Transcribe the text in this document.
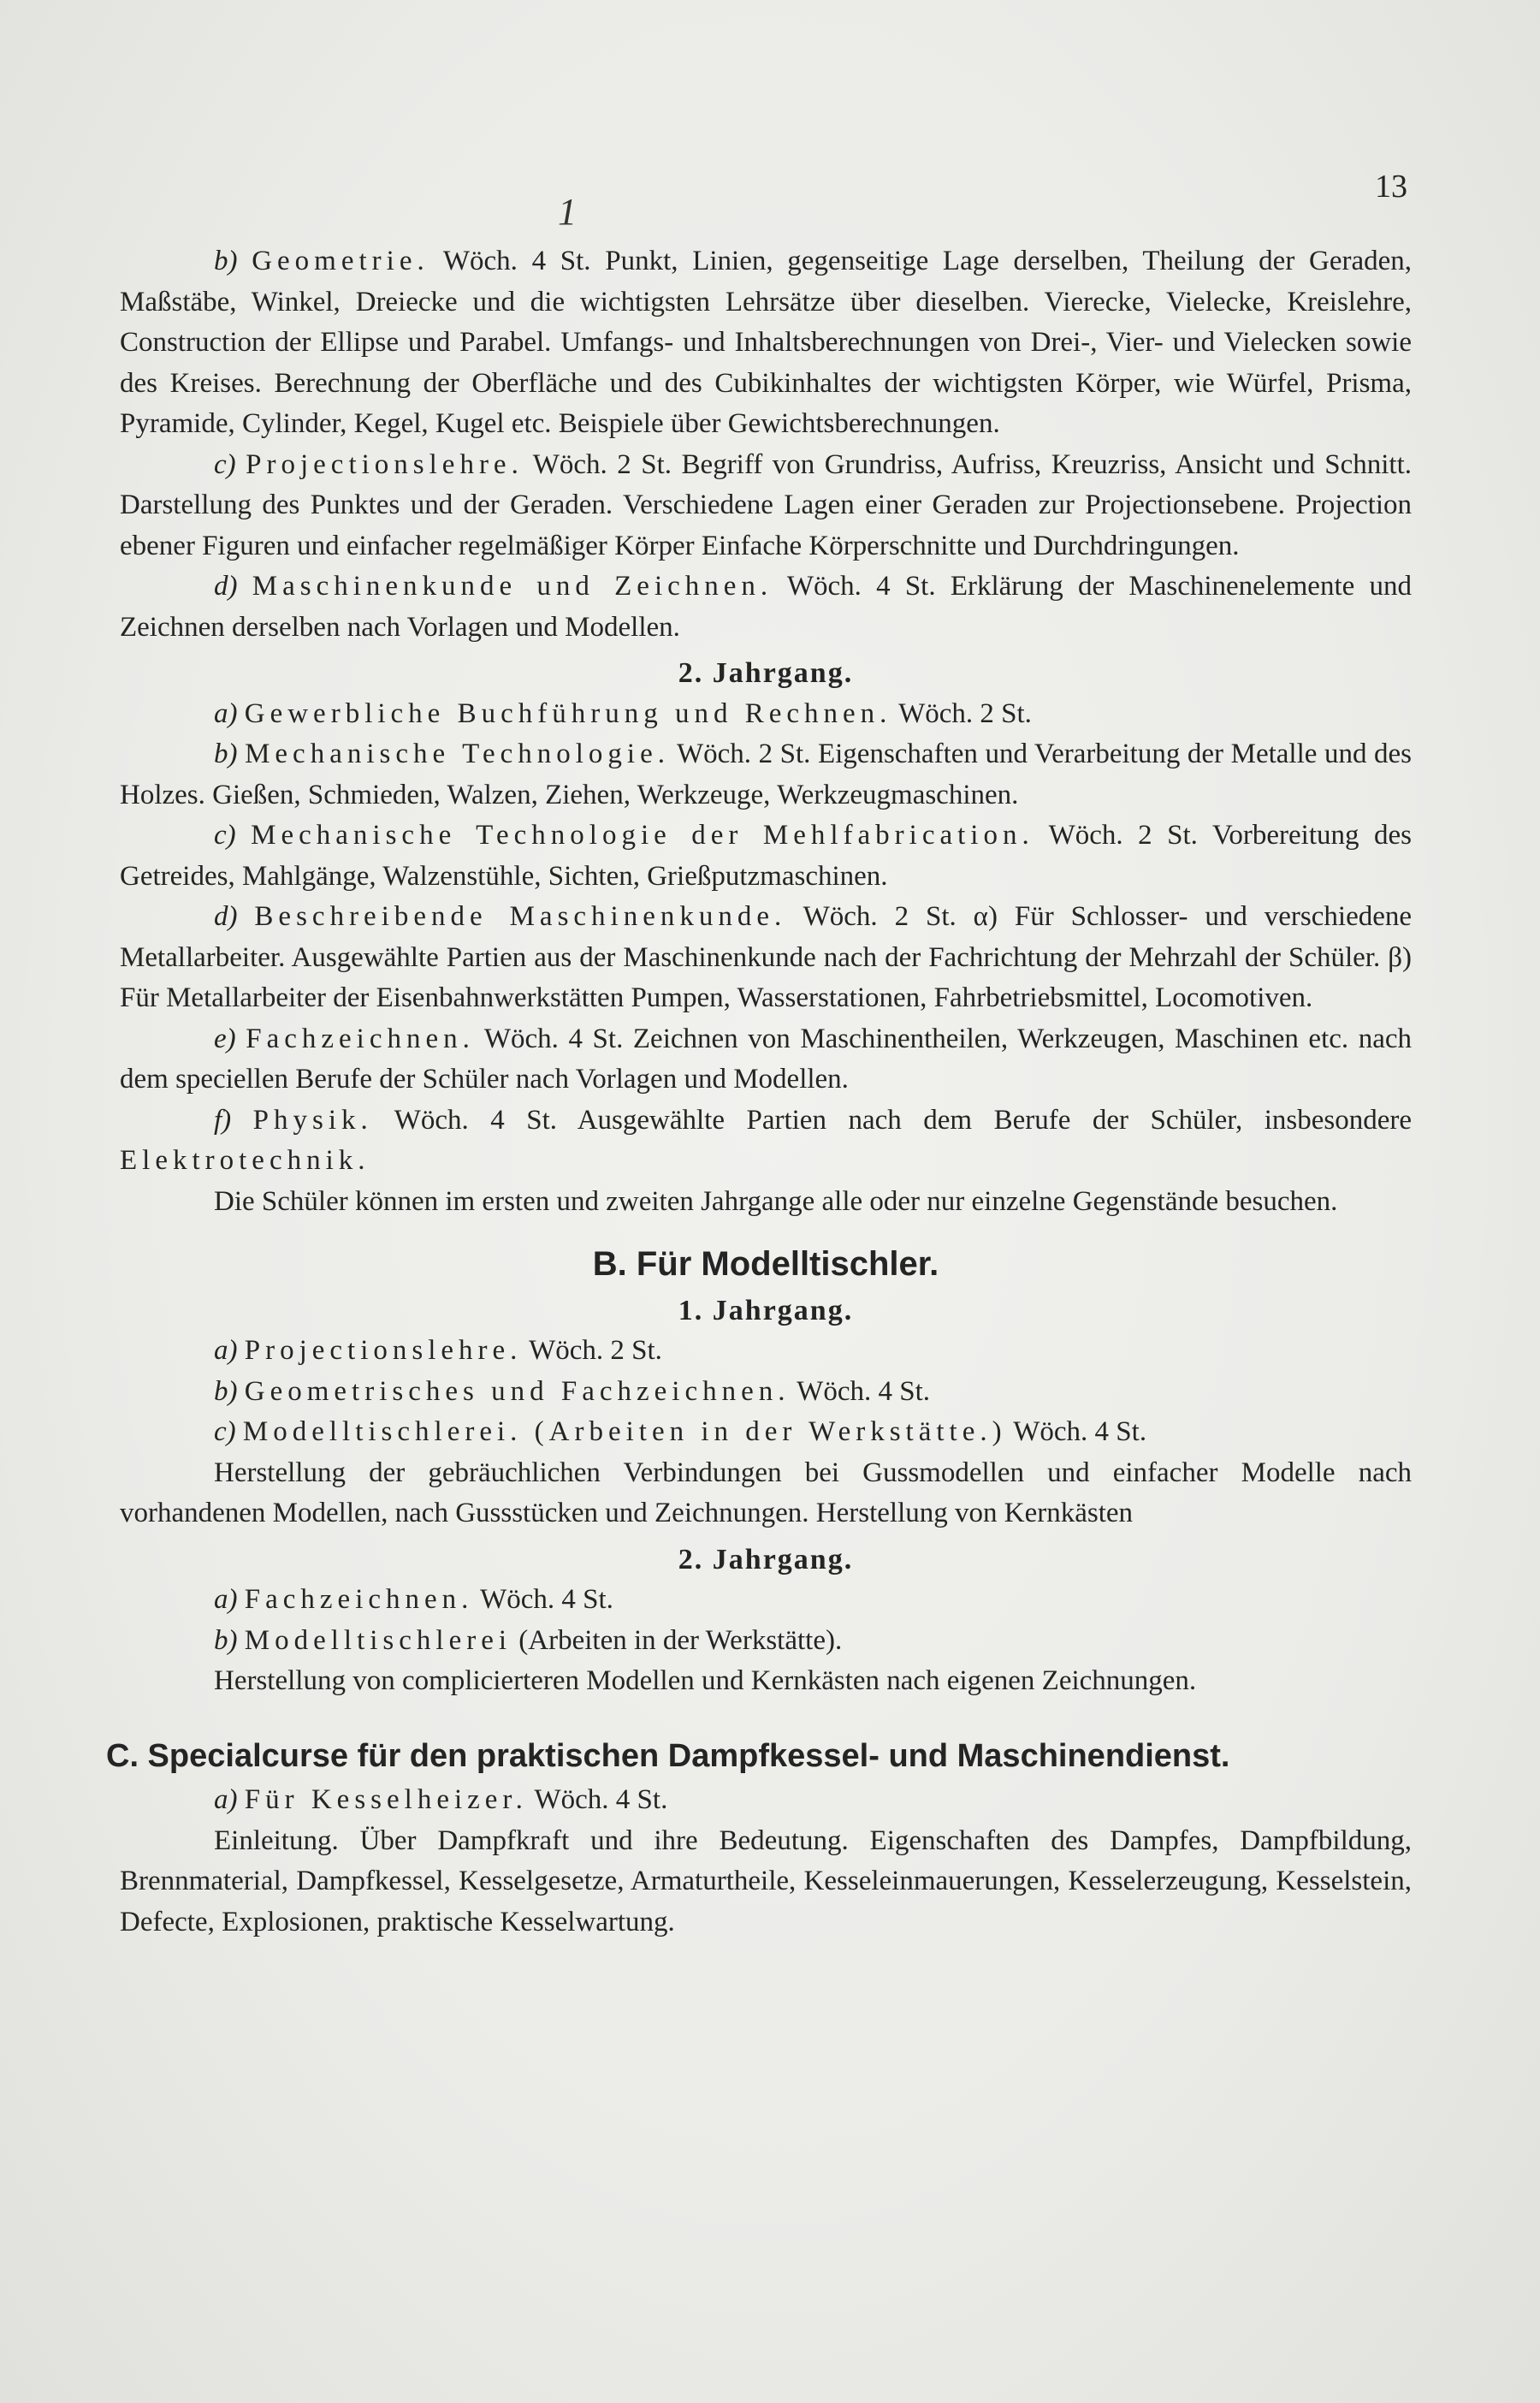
1
13

b) Geometrie. Wöch. 4 St. Punkt, Linien, gegenseitige Lage derselben, Theilung der Geraden, Maßstäbe, Winkel, Dreiecke und die wichtigsten Lehrsätze über dieselben. Vierecke, Vielecke, Kreislehre, Construction der Ellipse und Parabel. Umfangs- und Inhaltsberechnungen von Drei-, Vier- und Vielecken sowie des Kreises. Berechnung der Oberfläche und des Cubikinhaltes der wichtigsten Körper, wie Würfel, Prisma, Pyramide, Cylinder, Kegel, Kugel etc. Beispiele über Gewichtsberechnungen.

c) Projectionslehre. Wöch. 2 St. Begriff von Grundriss, Aufriss, Kreuzriss, Ansicht und Schnitt. Darstellung des Punktes und der Geraden. Verschiedene Lagen einer Geraden zur Projectionsebene. Projection ebener Figuren und einfacher regelmäßiger Körper Einfache Körperschnitte und Durchdringungen.

d) Maschinenkunde und Zeichnen. Wöch. 4 St. Erklärung der Maschinenelemente und Zeichnen derselben nach Vorlagen und Modellen.

2. Jahrgang.

a) Gewerbliche Buchführung und Rechnen. Wöch. 2 St.

b) Mechanische Technologie. Wöch. 2 St. Eigenschaften und Verarbeitung der Metalle und des Holzes. Gießen, Schmieden, Walzen, Ziehen, Werkzeuge, Werkzeugmaschinen.

c) Mechanische Technologie der Mehlfabrication. Wöch. 2 St. Vorbereitung des Getreides, Mahlgänge, Walzenstühle, Sichten, Grießputzmaschinen.

d) Beschreibende Maschinenkunde. Wöch. 2 St. α) Für Schlosser- und verschiedene Metallarbeiter. Ausgewählte Partien aus der Maschinenkunde nach der Fachrichtung der Mehrzahl der Schüler. β) Für Metallarbeiter der Eisenbahnwerkstätten Pumpen, Wasserstationen, Fahrbetriebsmittel, Locomotiven.

e) Fachzeichnen. Wöch. 4 St. Zeichnen von Maschinentheilen, Werkzeugen, Maschinen etc. nach dem speciellen Berufe der Schüler nach Vorlagen und Modellen.

f) Physik. Wöch. 4 St. Ausgewählte Partien nach dem Berufe der Schüler, insbesondere Elektrotechnik.

Die Schüler können im ersten und zweiten Jahrgange alle oder nur einzelne Gegenstände besuchen.

B. Für Modelltischler.
1. Jahrgang.

a) Projectionslehre. Wöch. 2 St.

b) Geometrisches und Fachzeichnen. Wöch. 4 St.

c) Modelltischlerei. (Arbeiten in der Werkstätte.) Wöch. 4 St.

Herstellung der gebräuchlichen Verbindungen bei Gussmodellen und einfacher Modelle nach vorhandenen Modellen, nach Gussstücken und Zeichnungen. Herstellung von Kernkästen

2. Jahrgang.

a) Fachzeichnen. Wöch. 4 St.

b) Modelltischlerei (Arbeiten in der Werkstätte).

Herstellung von complicierteren Modellen und Kernkästen nach eigenen Zeichnungen.

C. Specialcurse für den praktischen Dampfkessel- und Maschinendienst.

a) Für Kesselheizer. Wöch. 4 St.

Einleitung. Über Dampfkraft und ihre Bedeutung. Eigenschaften des Dampfes, Dampfbildung, Brennmaterial, Dampfkessel, Kesselgesetze, Armaturtheile, Kesseleinmauerungen, Kesselerzeugung, Kesselstein, Defecte, Explosionen, praktische Kesselwartung.
